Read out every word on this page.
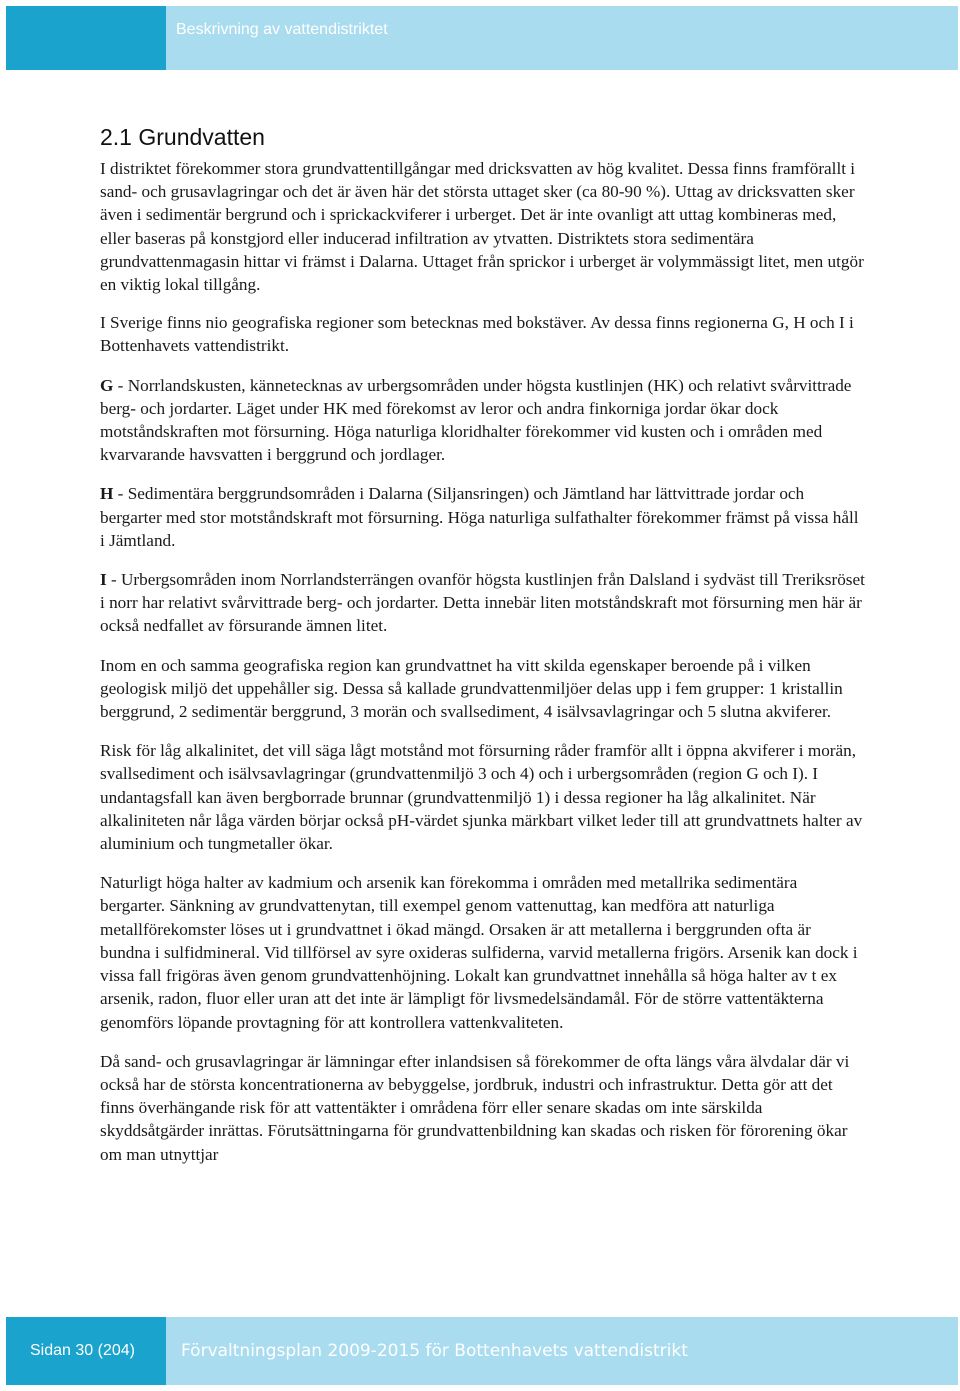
Beskrivning av vattendistriktet
2.1 Grundvatten

I distriktet förekommer stora grundvattentillgångar med dricksvatten av hög kvalitet. Dessa finns framförallt i sand- och grusavlagringar och det är även här det största uttaget sker (ca 80-90 %). Uttag av dricksvatten sker även i sedimentär bergrund och i sprickackviferer i urberget. Det är inte ovanligt att uttag kombineras med, eller baseras på konstgjord eller inducerad infiltration av ytvatten. Distriktets stora sedimentära grundvattenmagasin hittar vi främst i Dalarna. Uttaget från sprickor i urberget är volymmässigt litet, men utgör en viktig lokal tillgång.

I Sverige finns nio geografiska regioner som betecknas med bokstäver. Av dessa finns regionerna G, H och I i Bottenhavets vattendistrikt.

G - Norrlandskusten, kännetecknas av urbergsområden under högsta kustlinjen (HK) och relativt svårvittrade berg- och jordarter. Läget under HK med förekomst av leror och andra finkorniga jordar ökar dock motståndskraften mot försurning. Höga naturliga kloridhalter förekommer vid kusten och i områden med kvarvarande havsvatten i berggrund och jordlager.

H - Sedimentära berggrundsområden i Dalarna (Siljansringen) och Jämtland har lättvittrade jordar och bergarter med stor motståndskraft mot försurning. Höga naturliga sulfathalter förekommer främst på vissa håll i Jämtland.

I - Urbergsområden inom Norrlandsterrängen ovanför högsta kustlinjen från Dalsland i sydväst till Treriksröset i norr har relativt svårvittrade berg- och jordarter. Detta innebär liten motståndskraft mot försurning men här är också nedfallet av försurande ämnen litet.

Inom en och samma geografiska region kan grundvattnet ha vitt skilda egenskaper beroende på i vilken geologisk miljö det uppehåller sig. Dessa så kallade grundvattenmiljöer delas upp i fem grupper: 1 kristallin berggrund, 2 sedimentär berggrund, 3 morän och svallsediment, 4 isälvsavlagringar och 5 slutna akviferer.

Risk för låg alkalinitet, det vill säga lågt motstånd mot försurning råder framför allt i öppna akviferer i morän, svallsediment och isälvsavlagringar (grundvattenmiljö 3 och 4) och i urbergsområden (region G och I). I undantagsfall kan även bergborrade brunnar (grundvattenmiljö 1) i dessa regioner ha låg alkalinitet. När alkaliniteten når låga värden börjar också pH-värdet sjunka märkbart vilket leder till att grundvattnets halter av aluminium och tungmetaller ökar.

Naturligt höga halter av kadmium och arsenik kan förekomma i områden med metallrika sedimentära bergarter. Sänkning av grundvattenytan, till exempel genom vattenuttag, kan medföra att naturliga metallförekomster löses ut i grundvattnet i ökad mängd. Orsaken är att metallerna i berggrunden ofta är bundna i sulfidmineral. Vid tillförsel av syre oxideras sulfiderna, varvid metallerna frigörs. Arsenik kan dock i vissa fall frigöras även genom grundvattenhöjning. Lokalt kan grundvattnet innehålla så höga halter av t ex arsenik, radon, fluor eller uran att det inte är lämpligt för livsmedelsändamål. För de större vattentäkterna genomförs löpande provtagning för att kontrollera vattenkvaliteten.

Då sand- och grusavlagringar är lämningar efter inlandsisen så förekommer de ofta längs våra älvdalar där vi också har de största koncentrationerna av bebyggelse, jordbruk, industri och infrastruktur. Detta gör att det finns överhängande risk för att vattentäkter i områdena förr eller senare skadas om inte särskilda skyddsåtgärder inrättas. Förutsättningarna för grundvattenbildning kan skadas och risken för förorening ökar om man utnyttjar

Sidan 30 (204)	Förvaltningsplan 2009-2015 för Bottenhavets vattendistrikt
